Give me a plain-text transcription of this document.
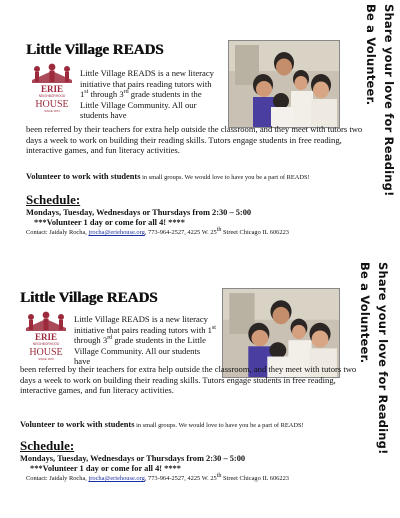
Little Village READS
ERIE
NEIGHBORHOOD
HOUSE
SINCE 1870
Little Village READS is a new literacy initiative that pairs reading tutors with 1st through 3rd grade students in the Little Village Community. All our students have
been referred by their teachers for extra help outside the classroom, and they meet with tutors two days a week to work on building their reading skills. Tutors engage students in free reading, interactive games, and fun literacy activities.
Volunteer to work with students in small groups. We would love to have you be a part of READS!
Schedule:
Mondays, Tuesday, Wednesdays or Thursdays from 2:30 – 5:00
***Volunteer 1 day or come for all 4! ****
Contact: Jaidaly Rocha, jrocha@eriehouse.org, 773-964-2527, 4225 W. 25th Street Chicago IL 606223
Share your love for Reading!
Be a Volunteer.
Little Village READS
ERIE
NEIGHBORHOOD
HOUSE
SINCE 1870
Little Village READS is a new literacy initiative that pairs reading tutors with 1st through 3rd grade students in the Little Village Community. All our students have
been referred by their teachers for extra help outside the classroom, and they meet with tutors two days a week to work on building their reading skills. Tutors engage students in free reading, interactive games, and fun literacy activities.
Volunteer to work with students in small groups. We would love to have you be a part of READS!
Schedule:
Mondays, Tuesday, Wednesdays or Thursdays from 2:30 – 5:00
***Volunteer 1 day or come for all 4! ****
Contact: Jaidaly Rocha, jrocha@eriehouse.org, 773-964-2527, 4225 W. 25th Street Chicago IL 606223
Share your love for Reading!
Be a Volunteer.
